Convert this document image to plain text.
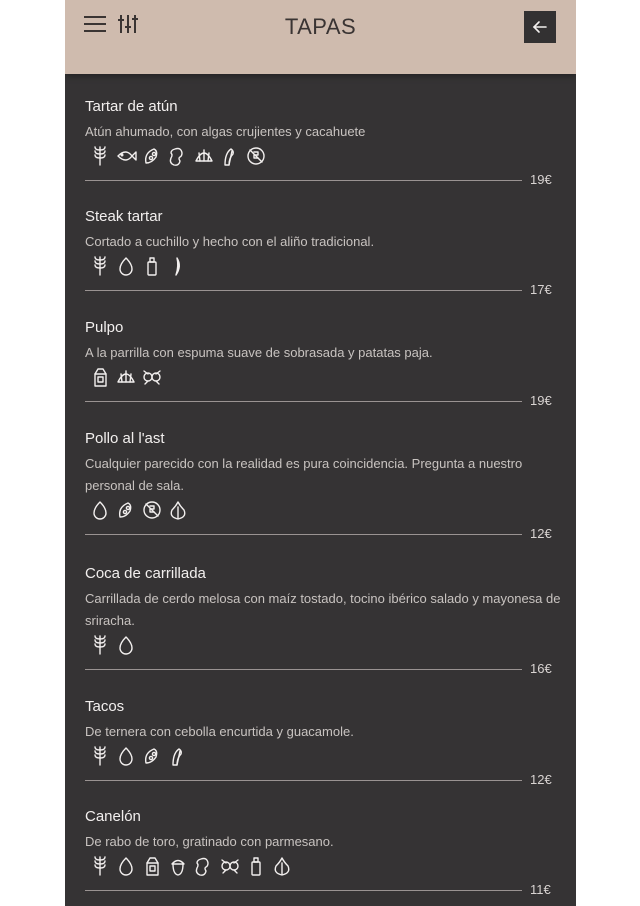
TAPAS
Tartar de atún
Atún ahumado, con algas crujientes y cacahuete
19€
Steak tartar
Cortado a cuchillo y hecho con el aliño tradicional.
17€
Pulpo
A la parrilla con espuma suave de sobrasada y patatas paja.
19€
Pollo al l'ast
Cualquier parecido con la realidad es pura coincidencia. Pregunta a nuestro personal de sala.
12€
Coca de carrillada
Carrillada de cerdo melosa con maíz tostado, tocino ibérico salado y mayonesa de sriracha.
16€
Tacos
De ternera con cebolla encurtida y guacamole.
12€
Canelón
De rabo de toro, gratinado con parmesano.
11€
